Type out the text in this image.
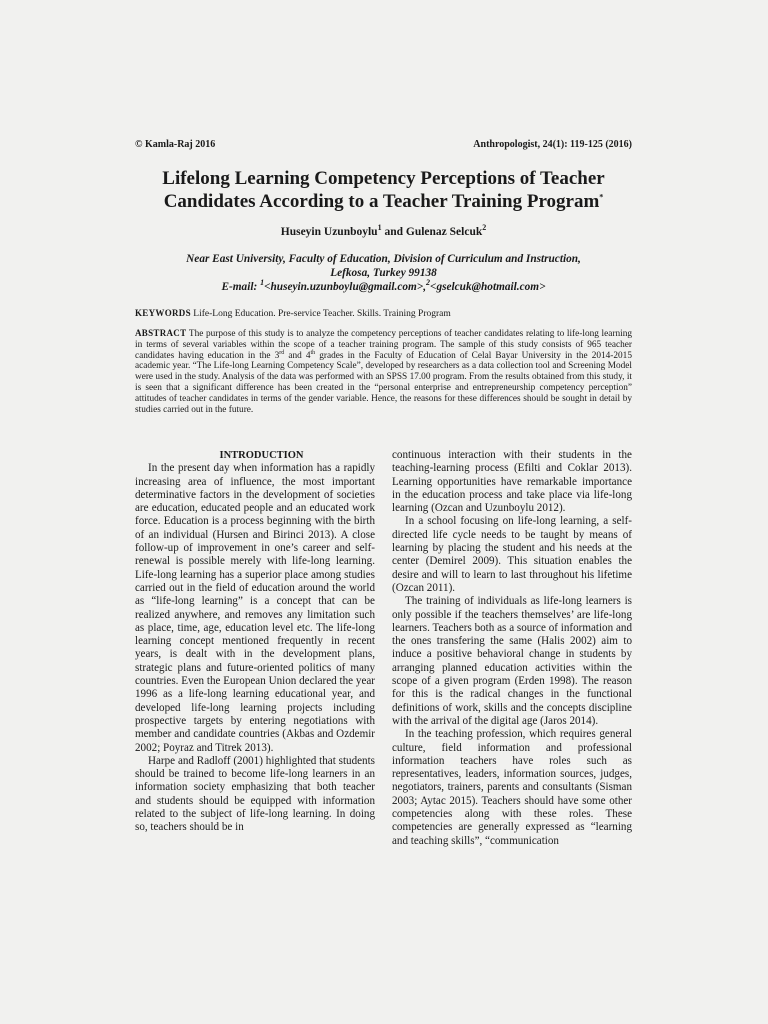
© Kamla-Raj 2016	Anthropologist, 24(1): 119-125 (2016)
Lifelong Learning Competency Perceptions of Teacher
Candidates According to a Teacher Training Program*
Huseyin Uzunboylu$^1$ and Gulenaz Selcuk$^2$
Near East University, Faculty of Education, Division of Curriculum and Instruction,
Lefkosa, Turkey 99138
E-mail: $^1$<huseyin.uzunboylu@gmail.com>,$^2$<gselcuk@hotmail.com>
KEYWORDS Life-Long Education. Pre-service Teacher. Skills. Training Program
ABSTRACT The purpose of this study is to analyze the competency perceptions of teacher candidates relating to life-long learning in terms of several variables within the scope of a teacher training program. The sample of this study consists of 965 teacher candidates having education in the 3rd and 4th grades in the Faculty of Education of Celal Bayar University in the 2014-2015 academic year. “The Life-long Learning Competency Scale”, developed by researchers as a data collection tool and Screening Model were used in the study. Analysis of the data was performed with an SPSS 17.00 program. From the results obtained from this study, it is seen that a significant difference has been created in the “personal enterprise and entrepreneurship competency perception” attitudes of teacher candidates in terms of the gender variable. Hence, the reasons for these differences should be sought in detail by studies carried out in the future.

INTRODUCTION

In the present day when information has a rapidly increasing area of influence, the most important determinative factors in the development of societies are education, educated people and an educated work force. Education is a process beginning with the birth of an individual (Hursen and Birinci 2013). A close follow-up of improvement in one’s career and self-renewal is possible merely with life-long learning. Life-long learning has a superior place among studies carried out in the field of education around the world as “life-long learning” is a concept that can be realized anywhere, and removes any limitation such as place, time, age, education level etc. The life-long learning concept mentioned frequently in recent years, is dealt with in the development plans, strategic plans and future-oriented politics of many countries. Even the European Union declared the year 1996 as a life-long learning educational year, and developed life-long learning projects including prospective targets by entering negotiations with member and candidate countries (Akbas and Ozdemir 2002; Poyraz and Titrek 2013).

Harpe and Radloff (2001) highlighted that students should be trained to become life-long learners in an information society emphasizing that both teacher and students should be equipped with information related to the subject of life-long learning. In doing so, teachers should be in

continuous interaction with their students in the teaching-learning process (Efilti and Coklar 2013). Learning opportunities have remarkable importance in the education process and take place via life-long learning (Ozcan and Uzunboylu 2012).

In a school focusing on life-long learning, a self-directed life cycle needs to be taught by means of learning by placing the student and his needs at the center (Demirel 2009). This situation enables the desire and will to learn to last throughout his lifetime (Ozcan 2011).

The training of individuals as life-long learners is only possible if the teachers themselves’ are life-long learners. Teachers both as a source of information and the ones transfering the same (Halis 2002) aim to induce a positive behavioral change in students by arranging planned education activities within the scope of a given program (Erden 1998). The reason for this is the radical changes in the functional definitions of work, skills and the concepts discipline with the arrival of the digital age (Jaros 2014).

In the teaching profession, which requires general culture, field information and professional information teachers have roles such as representatives, leaders, information sources, judges, negotiators, trainers, parents and consultants (Sisman 2003; Aytac 2015). Teachers should have some other competencies along with these roles. These competencies are generally expressed as “learning and teaching skills”, “communication
